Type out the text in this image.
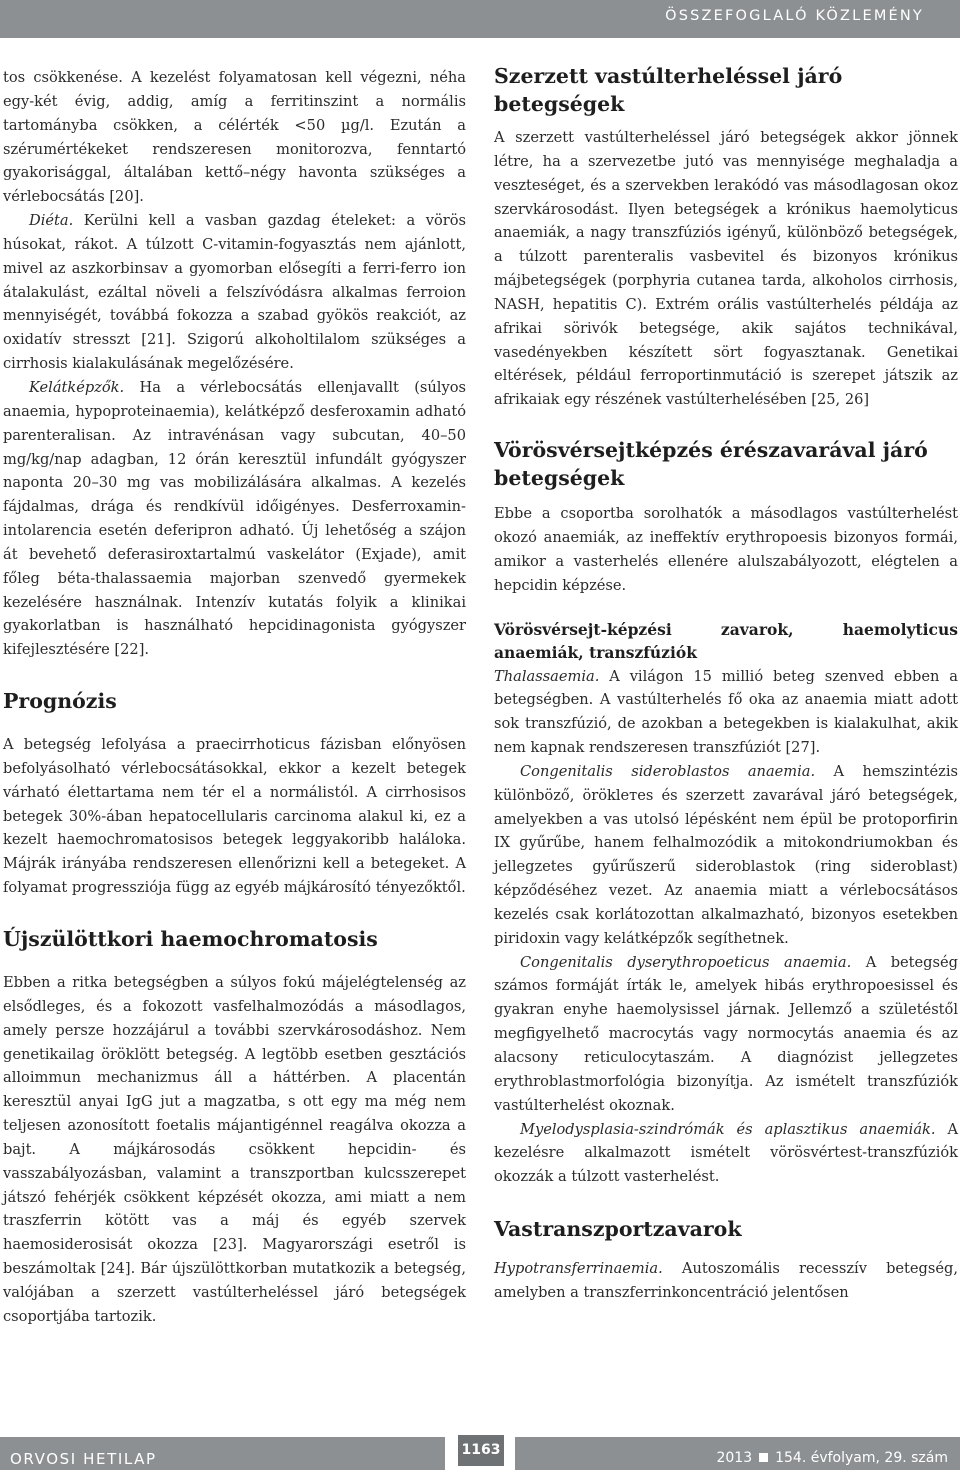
ÖSSZEFOGLALÓ KÖZLEMÉNY

tos csökkenése. A kezelést folyamatosan kell végezni, néha egy-két évig, addig, amíg a ferritinszint a normális tartományba csökken, a célérték <50 µg/l. Ezután a szérumértékeket rendszeresen monitorozva, fenntartó gyakorisággal, általában kettő–négy havonta szükséges a vérlebocsátás [20].

Diéta. Kerülni kell a vasban gazdag ételeket: a vörös húsokat, rákot. A túlzott C-vitamin-fogyasztás nem ajánlott, mivel az aszkorbinsav a gyomorban elősegíti a ferri-ferro ion átalakulást, ezáltal növeli a felszívódásra alkalmas ferroion mennyiségét, továbbá fokozza a szabad gyökös reakciót, az oxidatív stresszt [21]. Szigorú alkoholtilalom szükséges a cirrhosis kialakulásának megelőzésére.

Kelátképzők. Ha a vérlebocsátás ellenjavallt (súlyos anaemia, hypoproteinaemia), kelátképző desferoxamin adható parenteralisan. Az intravénásan vagy subcutan, 40–50 mg/kg/nap adagban, 12 órán keresztül infundált gyógyszer naponta 20–30 mg vas mobilizálására alkalmas. A kezelés fájdalmas, drága és rendkívül időigényes. Desferroxamin-intolarencia esetén deferipron adható. Új lehetőség a szájon át bevehető deferasiroxtartalmú vaskelátor (Exjade), amit főleg béta-thalassaemia majorban szenvedő gyermekek kezelésére használnak. Intenzív kutatás folyik a klinikai gyakorlatban is használható hepcidinagonista gyógyszer kifejlesztésére [22].

Prognózis

A betegség lefolyása a praecirrhoticus fázisban előnyösen befolyásolható vérlebocsátásokkal, ekkor a kezelt betegek várható élettartama nem tér el a normálistól. A cirrhosisos betegek 30%-ában hepatocellularis carcinoma alakul ki, ez a kezelt haemochromatosisos betegek leggyakoribb haláloka. Májrák irányába rendszeresen ellenőrizni kell a betegeket. A folyamat progressziója függ az egyéb májkárosító tényezőktől.

Újszülöttkori haemochromatosis

Ebben a ritka betegségben a súlyos fokú májelégtelenség az elsődleges, és a fokozott vasfelhalmozódás a másodlagos, amely persze hozzájárul a további szervkárosodáshoz. Nem genetikailag öröklött betegség. A legtöbb esetben gesztációs alloimmun mechanizmus áll a háttérben. A placentán keresztül anyai IgG jut a magzatba, s ott egy ma még nem teljesen azonosított foetalis májantigénnel reagálva okozza a bajt. A májkárosodás csökkent hepcidin- és vasszabályozásban, valamint a transzportban kulcsszerepet játszó fehérjék csökkent képzését okozza, ami miatt a nem traszferrin kötött vas a máj és egyéb szervek haemosiderosisát okozza [23]. Magyarországi esetről is beszámoltak [24]. Bár újszülöttkorban mutatkozik a betegség, valójában a szerzett vastúlterheléssel járó betegségek csoportjába tartozik.

Szerzett vastúlterheléssel járó betegségek

A szerzett vastúlterheléssel járó betegségek akkor jönnek létre, ha a szervezetbe jutó vas mennyisége meghaladja a veszteséget, és a szervekben lerakódó vas másodlagosan okoz szervkárosodást. Ilyen betegségek a krónikus haemolyticus anaemiák, a nagy transzfúziós igényű, különböző betegségek, a túlzott parenteralis vasbevitel és bizonyos krónikus májbetegségek (porphyria cutanea tarda, alkoholos cirrhosis, NASH, hepatitis C). Extrém orális vastúlterhelés példája az afrikai sörivók betegsége, akik sajátos technikával, vasedényekben készített sört fogyasztanak. Genetikai eltérések, például ferroportinmutáció is szerepet játszik az afrikaiak egy részének vastúlterhelésében [25, 26]

Vörösvérsejtképzés érészavarával járó betegségek

Ebbe a csoportba sorolhatók a másodlagos vastúlterhelést okozó anaemiák, az ineffektív erythropoesis bizonyos formái, amikor a vasterhelés ellenére alulszabályozott, elégtelen a hepcidin képzése.

Vörösvérsejt-képzési zavarok, haemolyticus anaemiák, transzfúziók

Thalassaemia. A világon 15 millió beteg szenved ebben a betegségben. A vastúlterhelés fő oka az anaemia miatt adott sok transzfúzió, de azokban a betegekben is kialakulhat, akik nem kapnak rendszeresen transzfúziót [27].

Congenitalis sideroblastos anaemia. A hemszintézis különböző, öröklетes és szerzett zavarával járó betegségek, amelyekben a vas utolsó lépésként nem épül be protoporfirin IX gyűrűbe, hanem felhalmozódik a mitokondriumokban és jellegzetes gyűrűszerű sideroblastok (ring sideroblast) képződéséhez vezet. Az anaemia miatt a vérlebocsátásos kezelés csak korlátozottan alkalmazható, bizonyos esetekben piridoxin vagy kelátképzők segíthetnek.

Congenitalis dyserythropoeticus anaemia. A betegség számos formáját írták le, amelyek hibás erythropoesissel és gyakran enyhe haemolysissel járnak. Jellemző a születéstől megfigyelhető macrocytás vagy normocytás anaemia és az alacsony reticulocytaszám. A diagnózist jellegzetes erythroblastmorfológia bizonyítja. Az ismételt transzfúziók vastúlterhelést okoznak.

Myelodysplasia-szindrómák és aplasztikus anaemiák. A kezelésre alkalmazott ismételt vörösvértest-transzfúziók okozzák a túlzott vasterhelést.

Vastranszportzavarok

Hypotransferrinaemia. Autoszomális recesszív betegség, amelyben a transzferrinkoncentráció jelentősen

ORVOSI HETILAP	1163	2013 154. évfolyam, 29. szám
